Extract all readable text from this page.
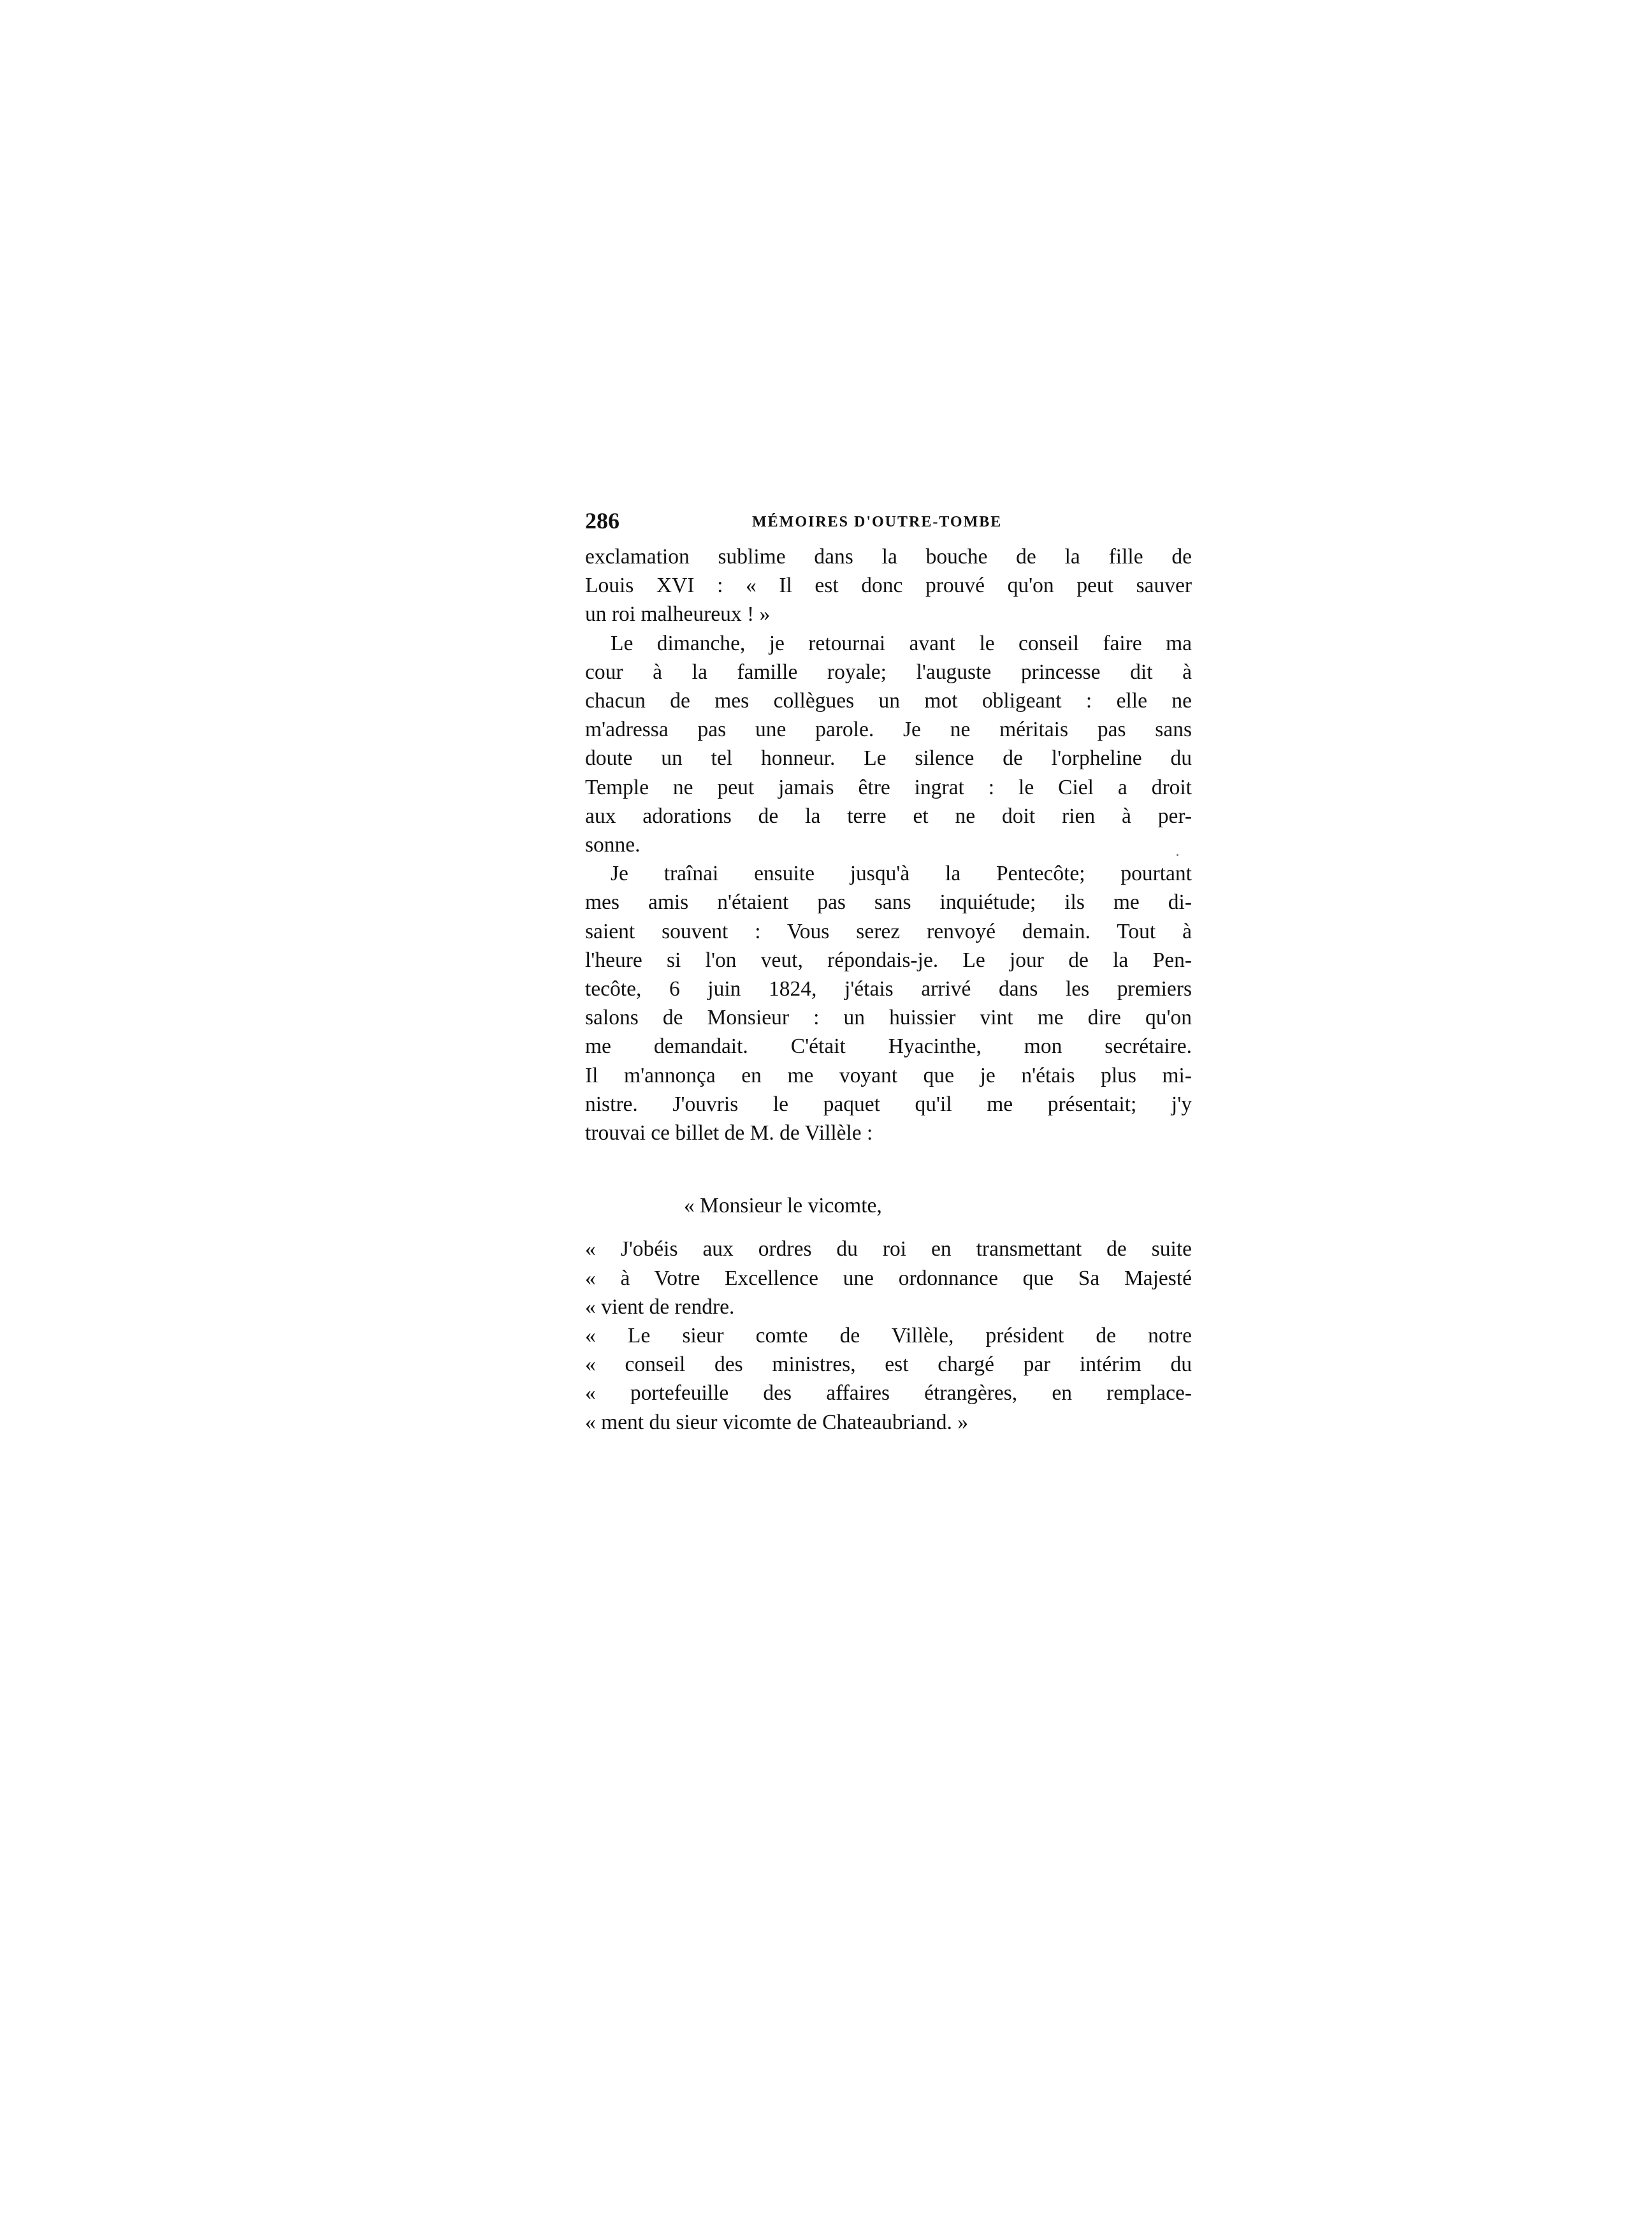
286	MÉMOIRES D'OUTRE-TOMBE
exclamation sublime dans la bouche de la fille de
Louis XVI : « Il est donc prouvé qu'on peut sauver
un roi malheureux ! »
Le dimanche, je retournai avant le conseil faire ma
cour à la famille royale; l'auguste princesse dit à
chacun de mes collègues un mot obligeant : elle ne
m'adressa pas une parole. Je ne méritais pas sans
doute un tel honneur. Le silence de l'orpheline du
Temple ne peut jamais être ingrat : le Ciel a droit
aux adorations de la terre et ne doit rien à per-
sonne.
Je traînai ensuite jusqu'à la Pentecôte; pourtant
mes amis n'étaient pas sans inquiétude; ils me di-
saient souvent : Vous serez renvoyé demain. Tout à
l'heure si l'on veut, répondais-je. Le jour de la Pen-
tecôte, 6 juin 1824, j'étais arrivé dans les premiers
salons de Monsieur : un huissier vint me dire qu'on
me demandait. C'était Hyacinthe, mon secrétaire.
Il m'annonça en me voyant que je n'étais plus mi-
nistre. J'ouvris le paquet qu'il me présentait; j'y
trouvai ce billet de M. de Villèle :
« Monsieur le vicomte,
« J'obéis aux ordres du roi en transmettant de suite
« à Votre Excellence une ordonnance que Sa Majesté
« vient de rendre.
« Le sieur comte de Villèle, président de notre
« conseil des ministres, est chargé par intérim du
« portefeuille des affaires étrangères, en remplace-
« ment du sieur vicomte de Chateaubriand. »
